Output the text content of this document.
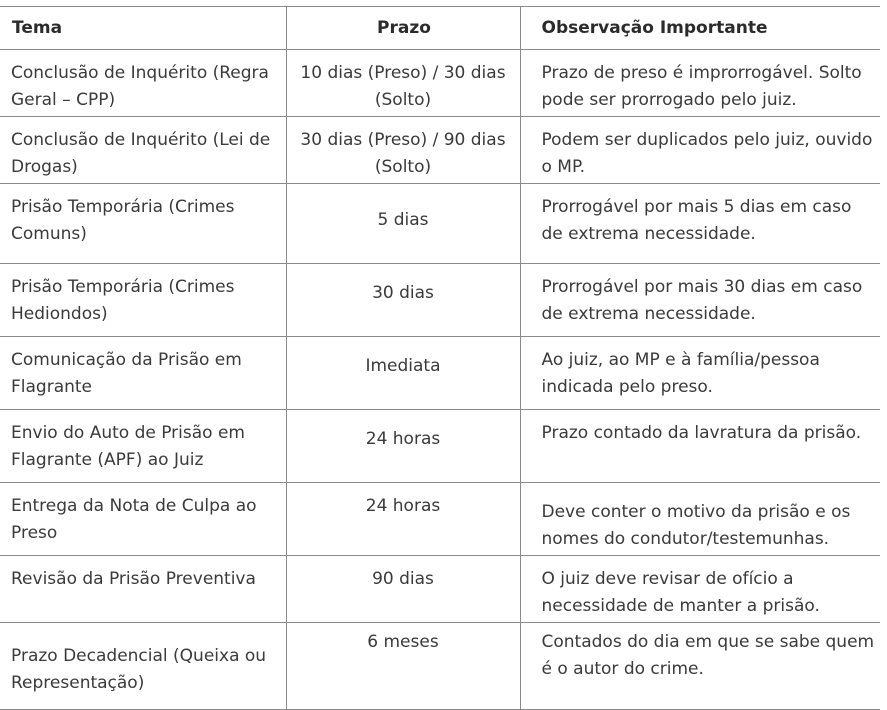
Tema	Prazo	Observação Importante
Conclusão de Inquérito (Regra Geral – CPP)	10 dias (Preso) / 30 dias (Solto)	Prazo de preso é improrrogável. Solto pode ser prorrogado pelo juiz.
Conclusão de Inquérito (Lei de Drogas)	30 dias (Preso) / 90 dias (Solto)	Podem ser duplicados pelo juiz, ouvido o MP.
Prisão Temporária (Crimes Comuns)	5 dias	Prorrogável por mais 5 dias em caso de extrema necessidade.
Prisão Temporária (Crimes Hediondos)	30 dias	Prorrogável por mais 30 dias em caso de extrema necessidade.
Comunicação da Prisão em Flagrante	Imediata	Ao juiz, ao MP e à família/pessoa indicada pelo preso.
Envio do Auto de Prisão em Flagrante (APF) ao Juiz	24 horas	Prazo contado da lavratura da prisão.
Entrega da Nota de Culpa ao Preso	24 horas	Deve conter o motivo da prisão e os nomes do condutor/testemunhas.
Revisão da Prisão Preventiva	90 dias	O juiz deve revisar de ofício a necessidade de manter a prisão.
Prazo Decadencial (Queixa ou Representação)	6 meses	Contados do dia em que se sabe quem é o autor do crime.
